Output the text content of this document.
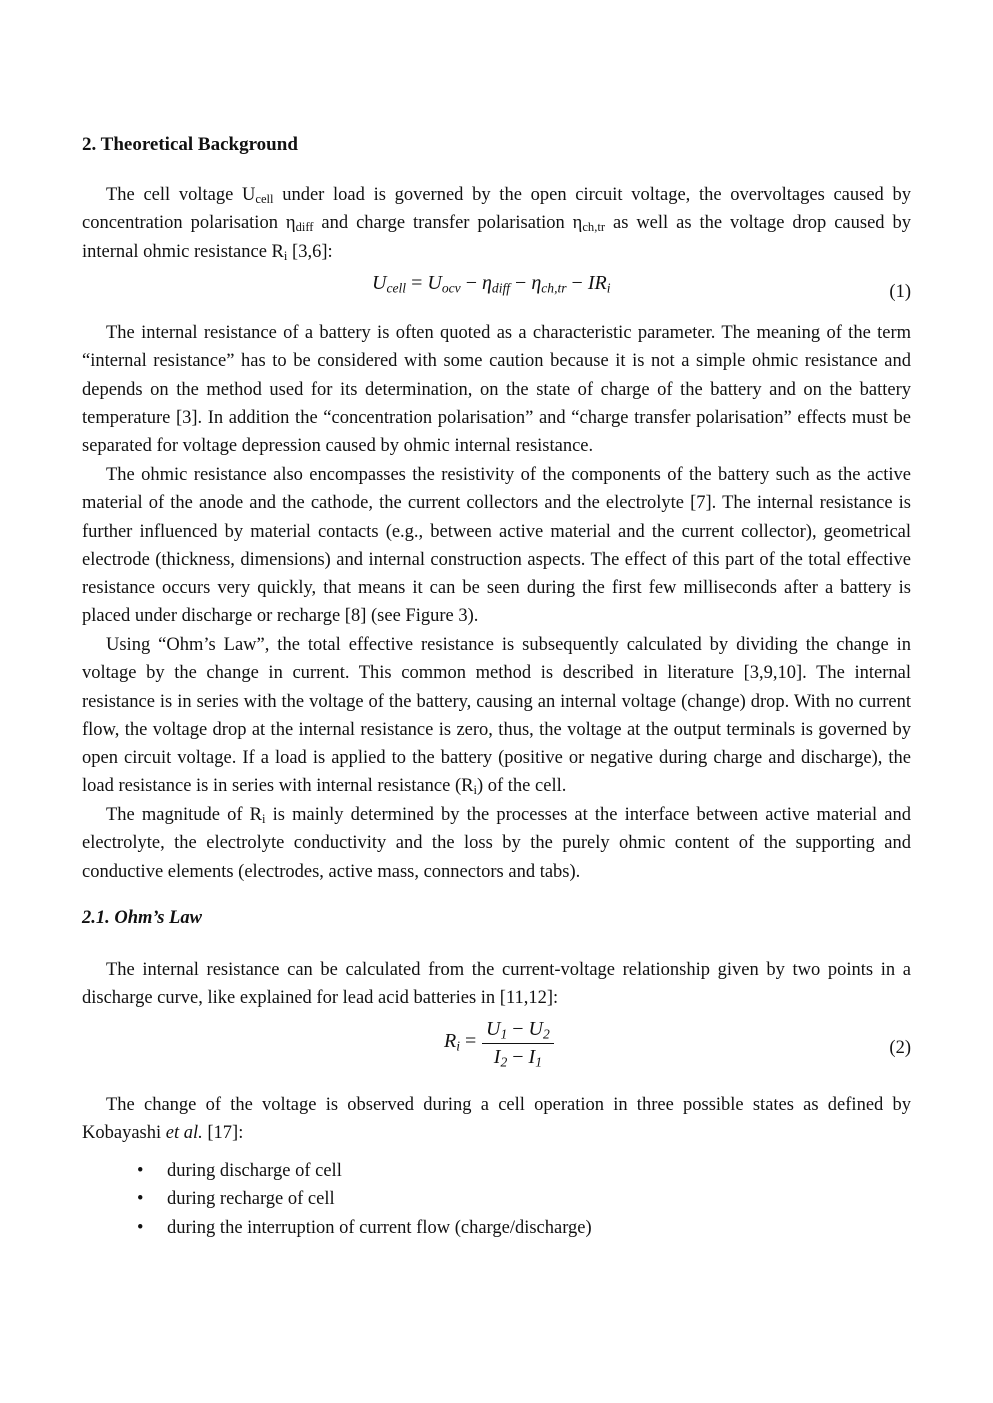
2. Theoretical Background

The cell voltage $U_{cell}$ under load is governed by the open circuit voltage, the overvoltages caused by concentration polarisation $\eta_{diff}$ and charge transfer polarisation $\eta_{ch,tr}$ as well as the voltage drop caused by internal ohmic resistance $R_i$ [3,6]:

$U_{cell} = U_{ocv} - \eta_{diff} - \eta_{ch,tr} - IR_i$	(1)

The internal resistance of a battery is often quoted as a characteristic parameter. The meaning of the term “internal resistance” has to be considered with some caution because it is not a simple ohmic resistance and depends on the method used for its determination, on the state of charge of the battery and on the battery temperature [3]. In addition the “concentration polarisation” and “charge transfer polarisation” effects must be separated for voltage depression caused by ohmic internal resistance.

The ohmic resistance also encompasses the resistivity of the components of the battery such as the active material of the anode and the cathode, the current collectors and the electrolyte [7]. The internal resistance is further influenced by material contacts (e.g., between active material and the current collector), geometrical electrode (thickness, dimensions) and internal construction aspects. The effect of this part of the total effective resistance occurs very quickly, that means it can be seen during the first few milliseconds after a battery is placed under discharge or recharge [8] (see Figure 3).

Using “Ohm’s Law”, the total effective resistance is subsequently calculated by dividing the change in voltage by the change in current. This common method is described in literature [3,9,10]. The internal resistance is in series with the voltage of the battery, causing an internal voltage (change) drop. With no current flow, the voltage drop at the internal resistance is zero, thus, the voltage at the output terminals is governed by open circuit voltage. If a load is applied to the battery (positive or negative during charge and discharge), the load resistance is in series with internal resistance $(R_i)$ of the cell.

The magnitude of $R_i$ is mainly determined by the processes at the interface between active material and electrolyte, the electrolyte conductivity and the loss by the purely ohmic content of the supporting and conductive elements (electrodes, active mass, connectors and tabs).

2.1. Ohm’s Law

The internal resistance can be calculated from the current-voltage relationship given by two points in a discharge curve, like explained for lead acid batteries in [11,12]:

$R_i = \frac{U_1 - U_2}{I_2 - I_1}$	(2)

The change of the voltage is observed during a cell operation in three possible states as defined by Kobayashi et al. [17]:

• during discharge of cell
• during recharge of cell
• during the interruption of current flow (charge/discharge)
